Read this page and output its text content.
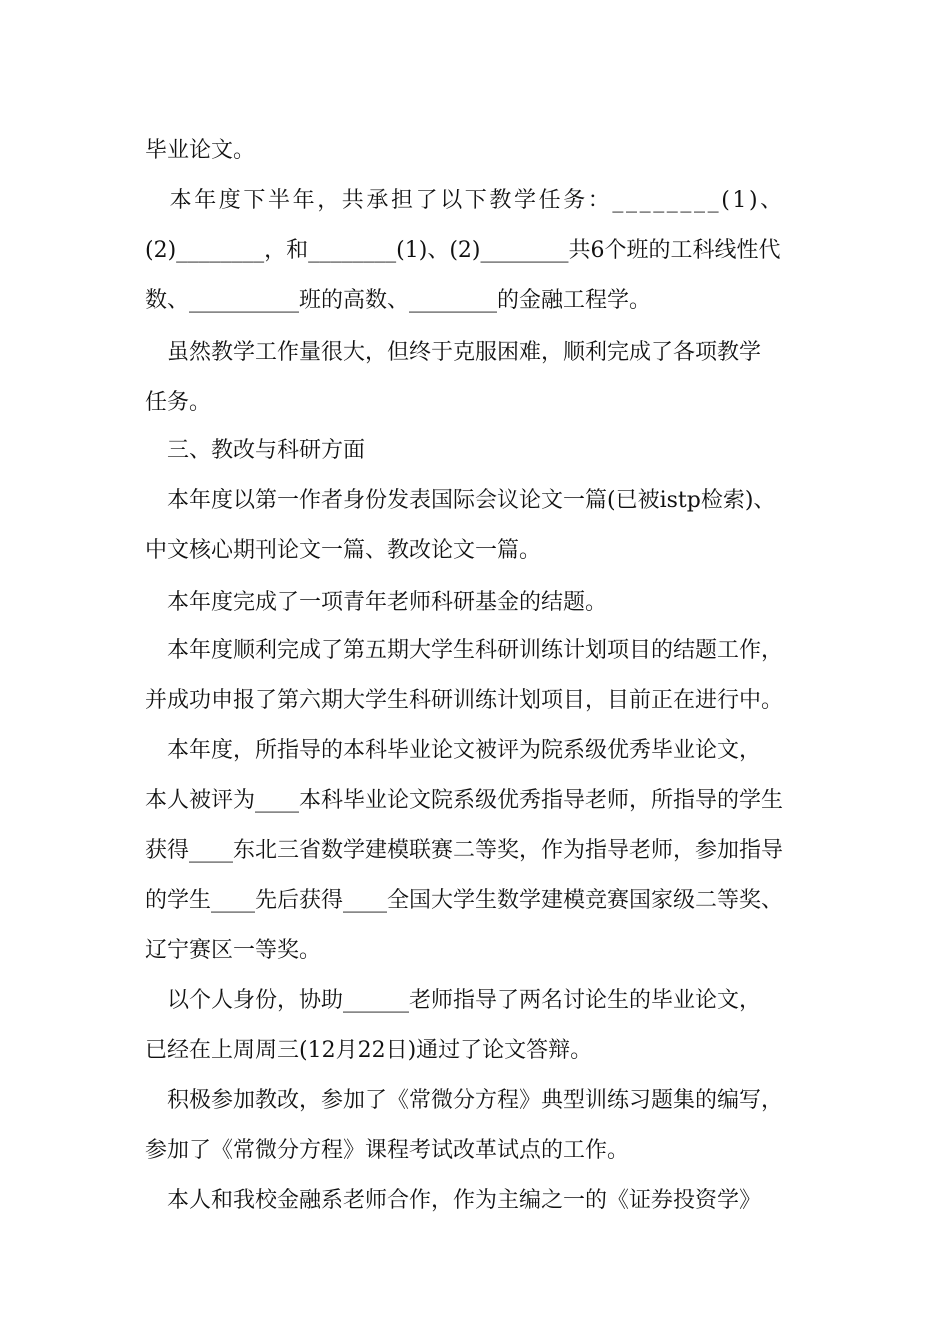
毕业论文。
　本年度下半年，共承担了以下教学任务：________(1)、
(2)________，和________(1)、(2)________共6个班的工科线性代
数、__________班的高数、________的金融工程学。
　虽然教学工作量很大，但终于克服困难，顺利完成了各项教学
任务。
　三、教改与科研方面
　本年度以第一作者身份发表国际会议论文一篇(已被istp检索)、
中文核心期刊论文一篇、教改论文一篇。
　本年度完成了一项青年老师科研基金的结题。
　本年度顺利完成了第五期大学生科研训练计划项目的结题工作，
并成功申报了第六期大学生科研训练计划项目，目前正在进行中。
　本年度，所指导的本科毕业论文被评为院系级优秀毕业论文，
本人被评为____本科毕业论文院系级优秀指导老师，所指导的学生
获得____东北三省数学建模联赛二等奖，作为指导老师，参加指导
的学生____先后获得____全国大学生数学建模竞赛国家级二等奖、
辽宁赛区一等奖。
　以个人身份，协助______老师指导了两名讨论生的毕业论文，
已经在上周周三(12月22日)通过了论文答辩。
　积极参加教改，参加了《常微分方程》典型训练习题集的编写，
参加了《常微分方程》课程考试改革试点的工作。
　本人和我校金融系老师合作，作为主编之一的《证券投资学》
